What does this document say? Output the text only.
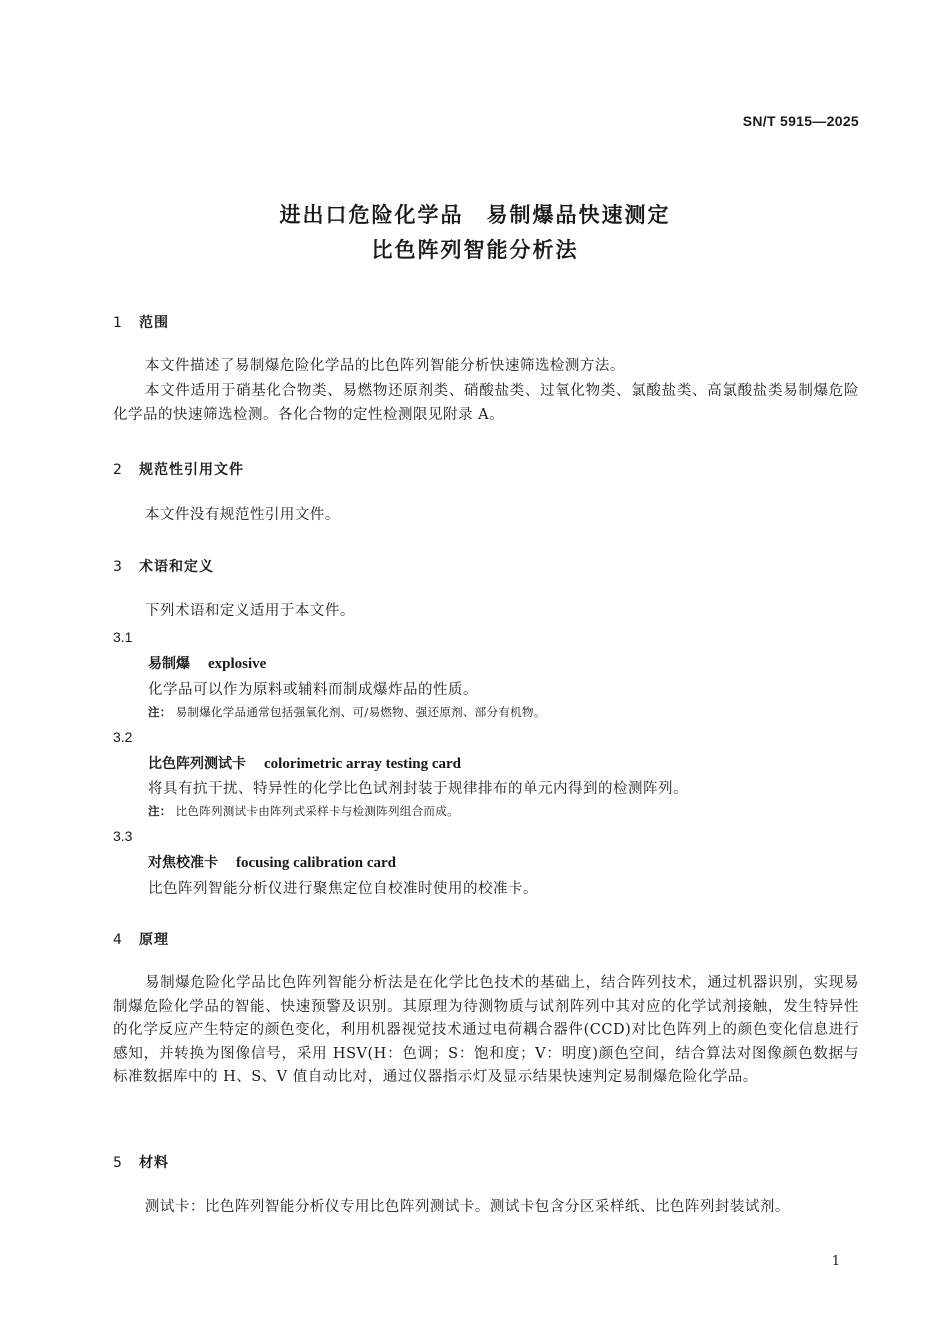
SN/T 5915—2025
进出口危险化学品　易制爆品快速测定
比色阵列智能分析法
1 范围

本文件描述了易制爆危险化学品的比色阵列智能分析快速筛选检测方法。

本文件适用于硝基化合物类、易燃物还原剂类、硝酸盐类、过氧化物类、氯酸盐类、高氯酸盐类易制爆危险化学品的快速筛选检测。各化合物的定性检测限见附录 A。

2 规范性引用文件

本文件没有规范性引用文件。

3 术语和定义

下列术语和定义适用于本文件。

3.1
易制爆 explosive
化学品可以作为原料或辅料而制成爆炸品的性质。
注： 易制爆化学品通常包括强氧化剂、可/易燃物、强还原剂、部分有机物。
3.2
比色阵列测试卡 colorimetric array testing card
将具有抗干扰、特异性的化学比色试剂封装于规律排布的单元内得到的检测阵列。
注： 比色阵列测试卡由阵列式采样卡与检测阵列组合而成。
3.3
对焦校准卡 focusing calibration card
比色阵列智能分析仪进行聚焦定位自校准时使用的校准卡。
4 原理

易制爆危险化学品比色阵列智能分析法是在化学比色技术的基础上，结合阵列技术，通过机器识别，实现易制爆危险化学品的智能、快速预警及识别。其原理为待测物质与试剂阵列中其对应的化学试剂接触，发生特异性的化学反应产生特定的颜色变化，利用机器视觉技术通过电荷耦合器件(CCD)对比色阵列上的颜色变化信息进行感知，并转换为图像信号，采用 HSV(H：色调；S：饱和度；V：明度)颜色空间，结合算法对图像颜色数据与标准数据库中的 H、S、V 值自动比对，通过仪器指示灯及显示结果快速判定易制爆危险化学品。

5 材料

测试卡：比色阵列智能分析仪专用比色阵列测试卡。测试卡包含分区采样纸、比色阵列封装试剂。

1
